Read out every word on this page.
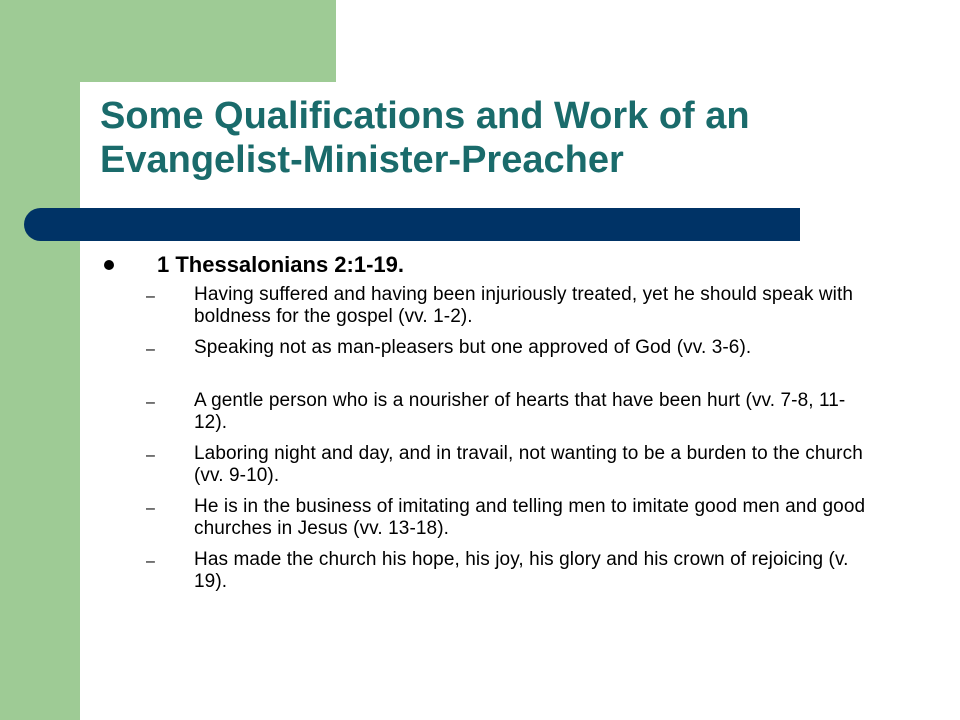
Some Qualifications and Work of an
Evangelist-Minister-Preacher
1 Thessalonians 2:1-19.
– Having suffered and having been injuriously treated, yet he should speak with boldness for the gospel (vv. 1-2).
– Speaking not as man-pleasers but one approved of God (vv. 3-6).
– A gentle person who is a nourisher of hearts that have been hurt (vv. 7-8, 11-12).
– Laboring night and day, and in travail, not wanting to be a burden to the church (vv. 9-10).
– He is in the business of imitating and telling men to imitate good men and good churches in Jesus (vv. 13-18).
– Has made the church his hope, his joy, his glory and his crown of rejoicing (v. 19).
